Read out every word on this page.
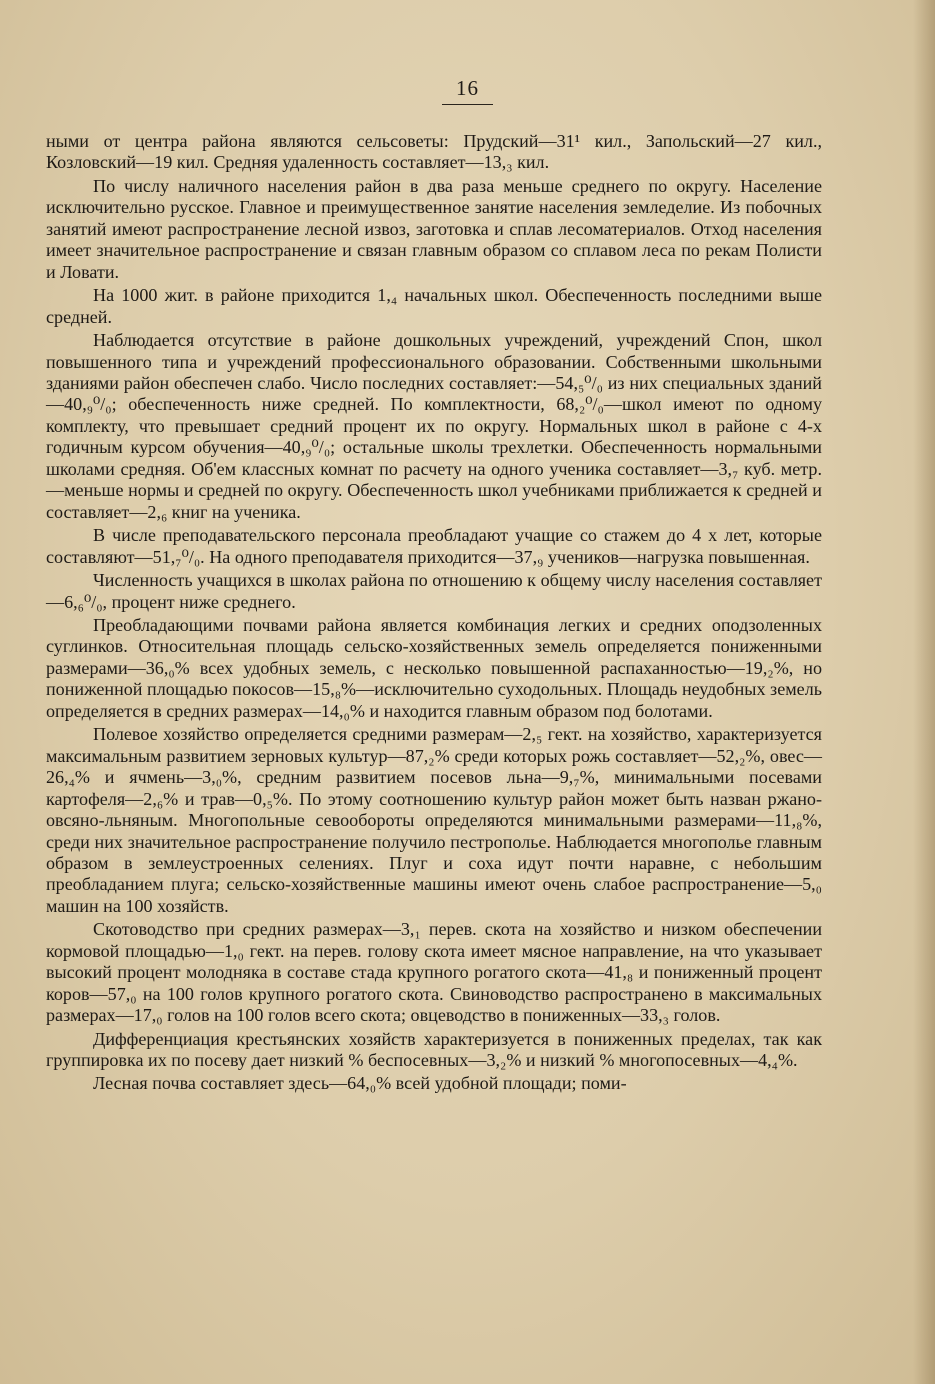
16

ными от центра района являются сельсоветы: Прудский—31¹ кил., Запольский—27 кил., Козловский—19 кил. Средняя удаленность составляет—13,₃ кил.

По числу наличного населения район в два раза меньше среднего по округу. Население исключительно русское. Главное и преимущественное занятие населения земледелие. Из побочных занятий имеют распространение лесной извоз, заготовка и сплав лесоматериалов. Отход населения имеет значительное распространение и связан главным образом со сплавом леса по рекам Полисти и Ловати.

На 1000 жит. в районе приходится 1,₄ начальных школ. Обеспеченность последними выше средней.

Наблюдается отсутствие в районе дошкольных учреждений, учреждений Спон, школ повышенного типа и учреждений профессионального образовании. Собственными школьными зданиями район обеспечен слабо. Число последних составляет:—54,₅⁰/₀ из них специальных зданий—40,₉⁰/₀; обеспеченность ниже средней. По комплектности, 68,₂⁰/₀—школ имеют по одному комплекту, что превышает средний процент их по округу. Нормальных школ в районе с 4-х годичным курсом обучения—40,₉⁰/₀; остальные школы трехлетки. Обеспеченность нормальными школами средняя. Об'ем классных комнат по расчету на одного ученика составляет—3,₇ куб. метр.—меньше нормы и средней по округу. Обеспеченность школ учебниками приближается к средней и составляет—2,₆ книг на ученика.

В числе преподавательского персонала преобладают учащие со стажем до 4 х лет, которые составляют—51,₇⁰/₀. На одного преподавателя приходится—37,₉ учеников—нагрузка повышенная.

Численность учащихся в школах района по отношению к общему числу населения составляет—6,₆⁰/₀, процент ниже среднего.

Преобладающими почвами района является комбинация легких и средних оподзоленных суглинков. Относительная площадь сельско-хозяйственных земель определяется пониженными размерами—36,₀% всех удобных земель, с несколько повышенной распаханностью—19,₂%, но пониженной площадью покосов—15,₈%—исключительно суходольных. Площадь неудобных земель определяется в средних размерах—14,₀% и находится главным образом под болотами.

Полевое хозяйство определяется средними размерам—2,₅ гект. на хозяйство, характеризуется максимальным развитием зерновых культур—87,₂% среди которых рожь составляет—52,₂%, овес—26,₄% и ячмень—3,₀%, средним развитием посевов льна—9,₇%, минимальными посевами картофеля—2,₆% и трав—0,₅%. По этому соотношению культур район может быть назван ржано-овсяно-льняным. Многопольные севообороты определяются минимальными размерами—11,₈%, среди них значительное распространение получило пестрополье. Наблюдается многополье главным образом в землеустроенных селениях. Плуг и соха идут почти наравне, с небольшим преобладанием плуга; сельско-хозяйственные машины имеют очень слабое распространение—5,₀ машин на 100 хозяйств.

Скотоводство при средних размерах—3,₁ перев. скота на хозяйство и низком обеспечении кормовой площадью—1,₀ гект. на перев. голову скота имеет мясное направление, на что указывает высокий процент молодняка в составе стада крупного рогатого скота—41,₈ и пониженный процент коров—57,₀ на 100 голов крупного рогатого скота. Свиноводство распространено в максимальных размерах—17,₀ голов на 100 голов всего скота; овцеводство в пониженных—33,₃ голов.

Дифференциация крестьянских хозяйств характеризуется в пониженных пределах, так как группировка их по посеву дает низкий % беспосевных—3,₂% и низкий % многопосевных—4,₄%.

Лесная почва составляет здесь—64,₀% всей удобной площади; поми-
